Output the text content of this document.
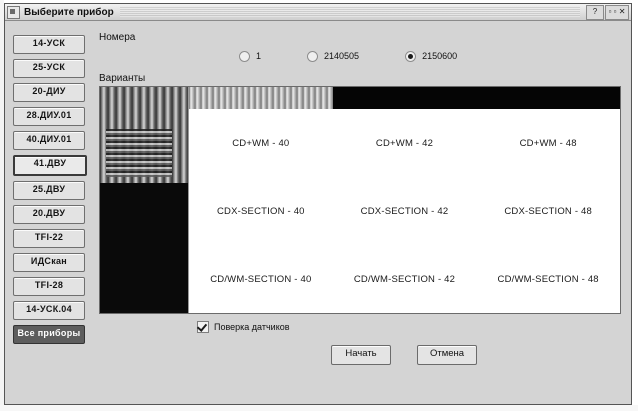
Выберите прибор	?	▫ ▫ ✕
14-УСК
25-УСК
20-ДИУ
28.ДИУ.01
40.ДИУ.01
41.ДВУ
25.ДВУ
20.ДВУ
ТFI-22
ИДСкан
ТFI-28
14-УСК.04
Все приборы
Номера
1	2140505	2150600
Варианты
CD+WM - 40	CD+WM - 42	CD+WM - 48
CDX-SECTION - 40	CDX-SECTION - 42	CDX-SECTION - 48
CD/WM-SECTION - 40	CD/WM-SECTION - 42	CD/WM-SECTION - 48
Поверка датчиков
Начать	Отмена
